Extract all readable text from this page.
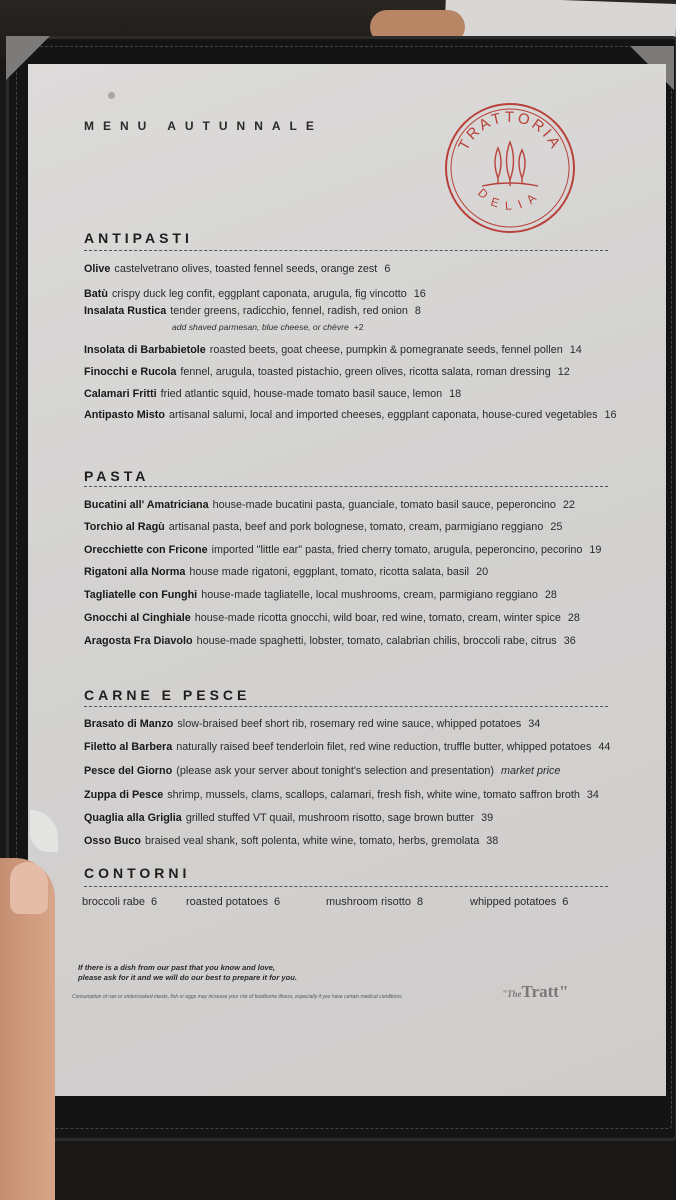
MENU AUTUNNALE
TRATTORIA
DELIA
ANTIPASTI
Olive castelvetrano olives, toasted fennel seeds, orange zest 6
Batù crispy duck leg confit, eggplant caponata, arugula, fig vincotto 16
Insalata Rustica tender greens, radicchio, fennel, radish, red onion 8
add shaved parmesan, blue cheese, or chèvre +2
Insolata di Barbabietole roasted beets, goat cheese, pumpkin & pomegranate seeds, fennel pollen 14
Finocchi e Rucola fennel, arugula, toasted pistachio, green olives, ricotta salata, roman dressing 12
Calamari Fritti fried atlantic squid, house-made tomato basil sauce, lemon 18
Antipasto Misto artisanal salumi, local and imported cheeses, eggplant caponata, house-cured vegetables 16
PASTA
Bucatini all' Amatriciana house-made bucatini pasta, guanciale, tomato basil sauce, peperoncino 22
Torchio al Ragù artisanal pasta, beef and pork bolognese, tomato, cream, parmigiano reggiano 25
Orecchiette con Fricone imported "little ear" pasta, fried cherry tomato, arugula, peperoncino, pecorino 19
Rigatoni alla Norma house made rigatoni, eggplant, tomato, ricotta salata, basil 20
Tagliatelle con Funghi house-made tagliatelle, local mushrooms, cream, parmigiano reggiano 28
Gnocchi al Cinghiale house-made ricotta gnocchi, wild boar, red wine, tomato, cream, winter spice 28
Aragosta Fra Diavolo house-made spaghetti, lobster, tomato, calabrian chilis, broccoli rabe, citrus 36
CARNE E PESCE
Brasato di Manzo slow-braised beef short rib, rosemary red wine sauce, whipped potatoes 34
Filetto al Barbera naturally raised beef tenderloin filet, red wine reduction, truffle butter, whipped potatoes 44
Pesce del Giorno (please ask your server about tonight's selection and presentation) market price
Zuppa di Pesce shrimp, mussels, clams, scallops, calamari, fresh fish, white wine, tomato saffron broth 34
Quaglia alla Griglia grilled stuffed VT quail, mushroom risotto, sage brown butter 39
Osso Buco braised veal shank, soft polenta, white wine, tomato, herbs, gremolata 38
CONTORNI
broccoli rabe 6	roasted potatoes 6	mushroom risotto 8	whipped potatoes 6
If there is a dish from our past that you know and love,
please ask for it and we will do our best to prepare it for you.
Consumption of raw or undercooked meats, fish or eggs may increase your risk of foodborne illness, especially if you have certain medical conditions.	"TheTratt"
